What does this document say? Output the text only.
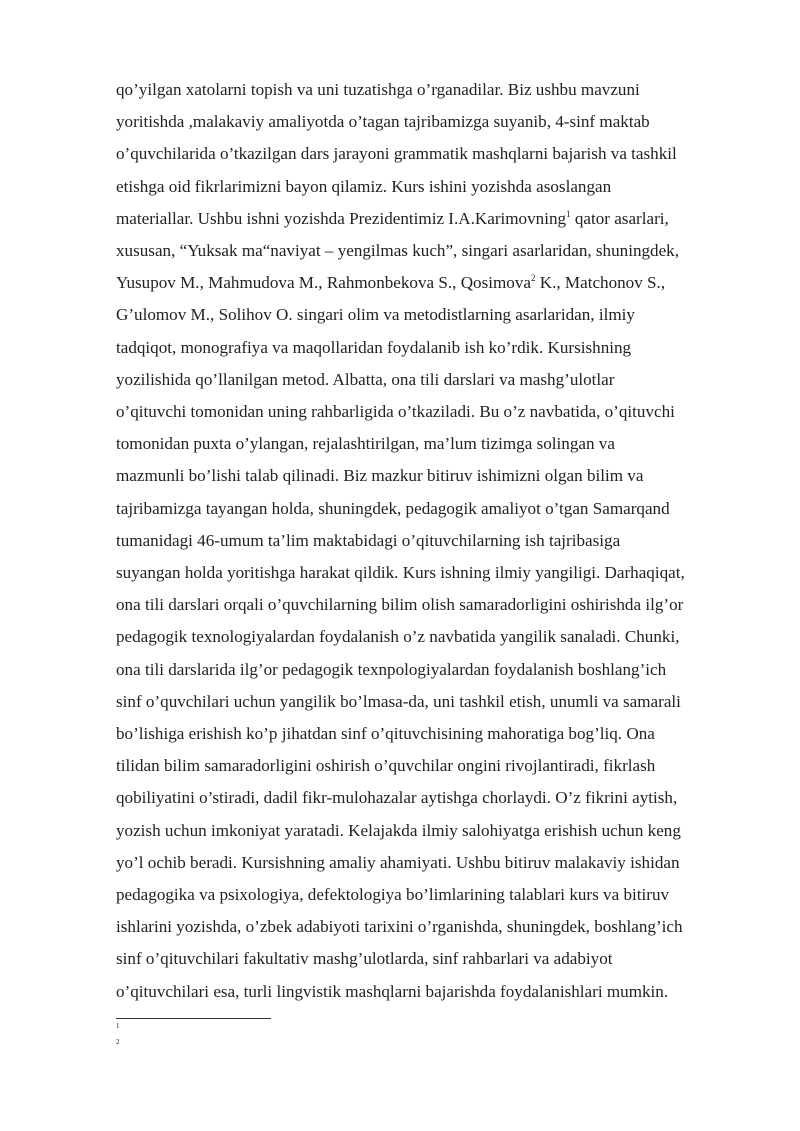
qo’yilgan xatolarni topish va uni tuzatishga o’rganadilar. Biz ushbu mavzuni
yoritishda ,malakaviy amaliyotda o’tagan tajribamizga suyanib, 4-sinf maktab
o’quvchilarida o’tkazilgan dars jarayoni grammatik mashqlarni bajarish va tashkil
etishga oid fikrlarimizni bayon qilamiz. Kurs ishini yozishda asoslangan
materiallar. Ushbu ishni yozishda Prezidentimiz I.A.Karimovning$^1$ qator asarlari,
xususan, “Yuksak ma“naviyat – yengilmas kuch”, singari asarlaridan, shuningdek,
Yusupov M., Mahmudova M., Rahmonbekova S., Qosimova$^2$ K., Matchonov S.,
G’ulomov M., Solihov O. singari olim va metodistlarning asarlaridan, ilmiy
tadqiqot, monografiya va maqollaridan foydalanib ish ko’rdik. Kursishning
yozilishida qo’llanilgan metod. Albatta, ona tili darslari va mashg’ulotlar
o’qituvchi tomonidan uning rahbarligida o’tkaziladi. Bu o’z navbatida, o’qituvchi
tomonidan puxta o’ylangan, rejalashtirilgan, ma’lum tizimga solingan va
mazmunli bo’lishi talab qilinadi. Biz mazkur bitiruv ishimizni olgan bilim va
tajribamizga tayangan holda, shuningdek, pedagogik amaliyot o’tgan Samarqand
tumanidagi 46-umum ta’lim maktabidagi o’qituvchilarning ish tajribasiga
suyangan holda yoritishga harakat qildik. Kurs ishning ilmiy yangiligi. Darhaqiqat,
ona tili darslari orqali o’quvchilarning bilim olish samaradorligini oshirishda ilg’or
pedagogik texnologiyalardan foydalanish o’z navbatida yangilik sanaladi. Chunki,
ona tili darslarida ilg’or pedagogik texnpologiyalardan foydalanish boshlang’ich
sinf o’quvchilari uchun yangilik bo’lmasa-da, uni tashkil etish, unumli va samarali
bo’lishiga erishish ko’p jihatdan sinf o’qituvchisining mahoratiga bog’liq. Ona
tilidan bilim samaradorligini oshirish o’quvchilar ongini rivojlantiradi, fikrlash
qobiliyatini o’stiradi, dadil fikr-mulohazalar aytishga chorlaydi. O’z fikrini aytish,
yozish uchun imkoniyat yaratadi. Kelajakda ilmiy salohiyatga erishish uchun keng
yo’l ochib beradi. Kursishning amaliy ahamiyati. Ushbu bitiruv malakaviy ishidan
pedagogika va psixologiya, defektologiya bo’limlarining talablari kurs va bitiruv
ishlarini yozishda, o’zbek adabiyoti tarixini o’rganishda, shuningdek, boshlang’ich
sinf o’qituvchilari fakultativ mashg’ulotlarda, sinf rahbarlari va adabiyot
o’qituvchilari esa, turli lingvistik mashqlarni bajarishda foydalanishlari mumkin.

1
2
